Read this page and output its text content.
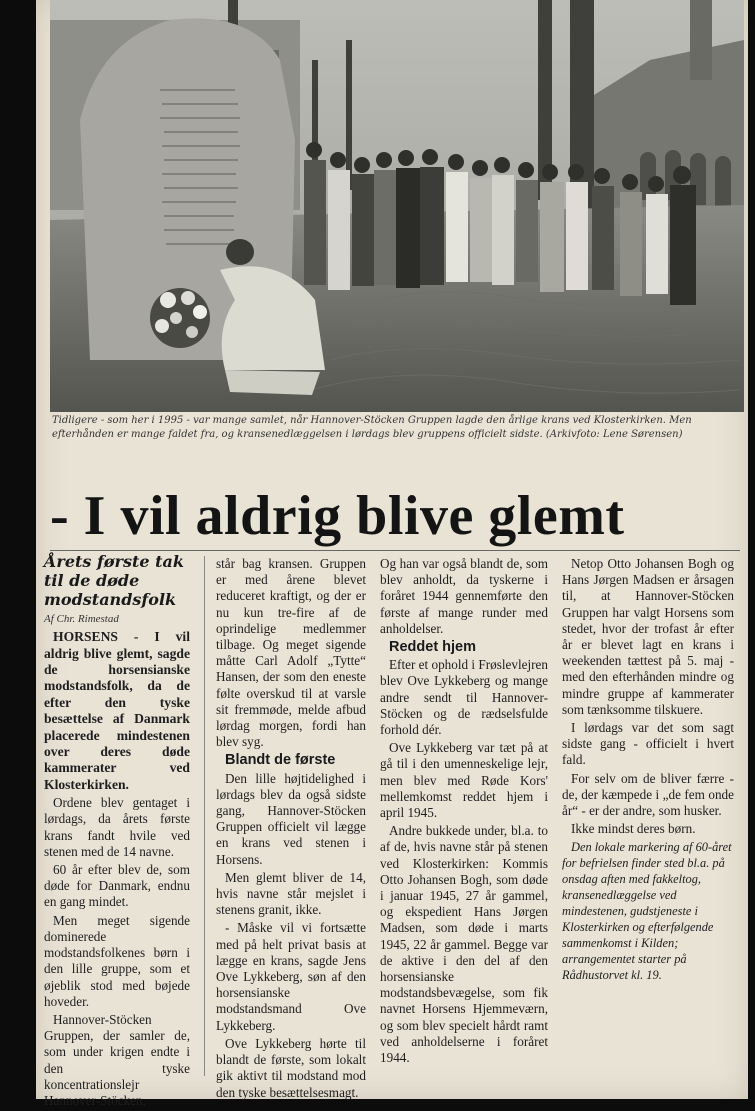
Tidligere - som her i 1995 - var mange samlet, når Hannover-Stöcken Gruppen lagde den årlige krans ved Klosterkirken. Men efterhånden er mange faldet fra, og kransenedlæggelsen i lørdags blev gruppens officielt sidste. (Arkivfoto: Lene Sørensen)

- I vil aldrig blive glemt

Årets første tak til de døde modstandsfolk

Af Chr. Rimestad

HORSENS - I vil aldrig blive glemt, sagde de horsensianske modstandsfolk, da de efter den tyske besættelse af Danmark placerede mindestenen over deres døde kammerater ved Klosterkirken.

Ordene blev gentaget i lørdags, da årets første krans fandt hvile ved stenen med de 14 navne.

60 år efter blev de, som døde for Danmark, endnu en gang mindet.

Men meget sigende dominerede modstandsfolkenes børn i den lille gruppe, som et øjeblik stod med bøjede hoveder.

Hannover-Stöcken Gruppen, der samler de, som under krigen endte i den tyske koncentrationslejr Hannover-Stöcken,

står bag kransen. Gruppen er med årene blevet reduceret kraftigt, og der er nu kun tre-fire af de oprindelige medlemmer tilbage. Og meget sigende måtte Carl Adolf „Tytte“ Hansen, der som den eneste følte overskud til at varsle sit fremmøde, melde afbud lørdag morgen, fordi han blev syg.

Blandt de første

Den lille højtidelighed i lørdags blev da også sidste gang, Hannover-Stöcken Gruppen officielt vil lægge en krans ved stenen i Horsens.

Men glemt bliver de 14, hvis navne står mejslet i stenens granit, ikke.

- Måske vil vi fortsætte med på helt privat basis at lægge en krans, sagde Jens Ove Lykkeberg, søn af den horsensianske modstandsmand Ove Lykkeberg.

Ove Lykkeberg hørte til blandt de første, som lokalt gik aktivt til modstand mod den tyske besættelsesmagt.

Og han var også blandt de, som blev anholdt, da tyskerne i foråret 1944 gennemførte den første af mange runder med anholdelser.

Reddet hjem

Efter et ophold i Frøslevlejren blev Ove Lykkeberg og mange andre sendt til Hannover-Stöcken og de rædselsfulde forhold dér.

Ove Lykkeberg var tæt på at gå til i den umenneskelige lejr, men blev med Røde Kors' mellemkomst reddet hjem i april 1945.

Andre bukkede under, bl.a. to af de, hvis navne står på stenen ved Klosterkirken: Kommis Otto Johansen Bogh, som døde i januar 1945, 27 år gammel, og ekspedient Hans Jørgen Madsen, som døde i marts 1945, 22 år gammel. Begge var de aktive i den del af den horsensianske modstandsbevægelse, som fik navnet Horsens Hjemmeværn, og som blev specielt hårdt ramt ved anholdelserne i foråret 1944.

Netop Otto Johansen Bogh og Hans Jørgen Madsen er årsagen til, at Hannover-Stöcken Gruppen har valgt Horsens som stedet, hvor der trofast år efter år er blevet lagt en krans i weekenden tættest på 5. maj - med den efterhånden mindre og mindre gruppe af kammerater som tænksomme tilskuere.

I lørdags var det som sagt sidste gang - officielt i hvert fald.

For selv om de bliver færre - de, der kæmpede i „de fem onde år“ - er der andre, som husker.

Ikke mindst deres børn.

Den lokale markering af 60-året for befrielsen finder sted bl.a. på onsdag aften med fakkeltog, kransenedlæggelse ved mindestenen, gudstjeneste i Klosterkirken og efterfølgende sammenkomst i Kilden; arrangementet starter på Rådhustorvet kl. 19.
